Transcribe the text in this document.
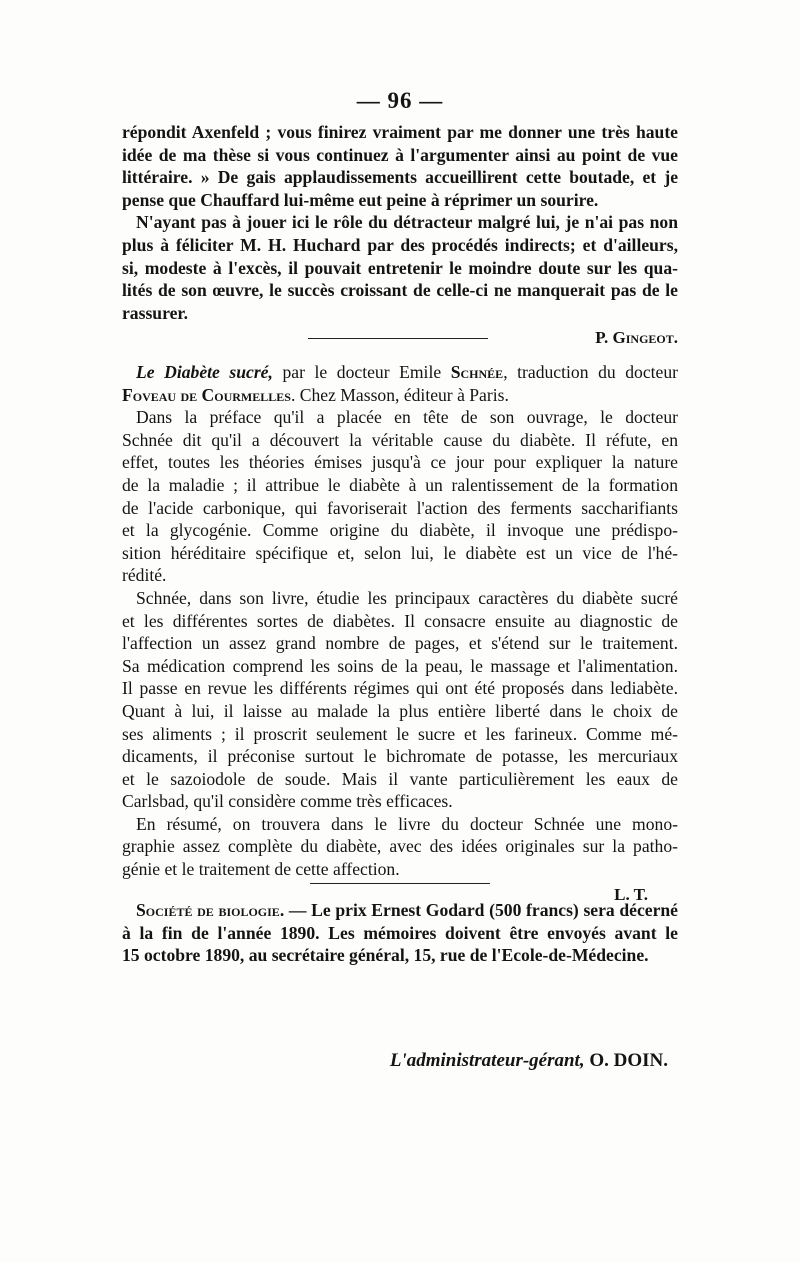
— 96 —
répondit Axenfeld ; vous finirez vraiment par me donner une très haute
idée de ma thèse si vous continuez à l'argumenter ainsi au point de vue
littéraire. » De gais applaudissements accueillirent cette boutade, et je
pense que Chauffard lui-même eut peine à réprimer un sourire.
N'ayant pas à jouer ici le rôle du détracteur malgré lui, je n'ai pas non
plus à féliciter M. H. Huchard par des procédés indirects; et d'ailleurs,
si, modeste à l'excès, il pouvait entretenir le moindre doute sur les qua-
lités de son œuvre, le succès croissant de celle-ci ne manquerait pas de le
rassurer.
P. Gingeot.
Le Diabète sucré, par le docteur Emile Schnée, traduction du docteur
Foveau de Courmelles. Chez Masson, éditeur à Paris.
Dans la préface qu'il a placée en tête de son ouvrage, le docteur
Schnée dit qu'il a découvert la véritable cause du diabète. Il réfute, en
effet, toutes les théories émises jusqu'à ce jour pour expliquer la nature
de la maladie ; il attribue le diabète à un ralentissement de la formation
de l'acide carbonique, qui favoriserait l'action des ferments saccharifiants
et la glycogénie. Comme origine du diabète, il invoque une prédispo-
sition héréditaire spécifique et, selon lui, le diabète est un vice de l'hé-
rédité.
Schnée, dans son livre, étudie les principaux caractères du diabète sucré
et les différentes sortes de diabètes. Il consacre ensuite au diagnostic de
l'affection un assez grand nombre de pages, et s'étend sur le traitement.
Sa médication comprend les soins de la peau, le massage et l'alimentation.
Il passe en revue les différents régimes qui ont été proposés dans lediabète.
Quant à lui, il laisse au malade la plus entière liberté dans le choix de
ses aliments ; il proscrit seulement le sucre et les farineux. Comme mé-
dicaments, il préconise surtout le bichromate de potasse, les mercuriaux
et le sazoiodole de soude. Mais il vante particulièrement les eaux de
Carlsbad, qu'il considère comme très efficaces.
En résumé, on trouvera dans le livre du docteur Schnée une mono-
graphie assez complète du diabète, avec des idées originales sur la patho-
génie et le traitement de cette affection.
L. T.
Société de biologie. — Le prix Ernest Godard (500 francs) sera décerné
à la fin de l'année 1890. Les mémoires doivent être envoyés avant le
15 octobre 1890, au secrétaire général, 15, rue de l'Ecole-de-Médecine.
L'administrateur-gérant, O. DOIN.
